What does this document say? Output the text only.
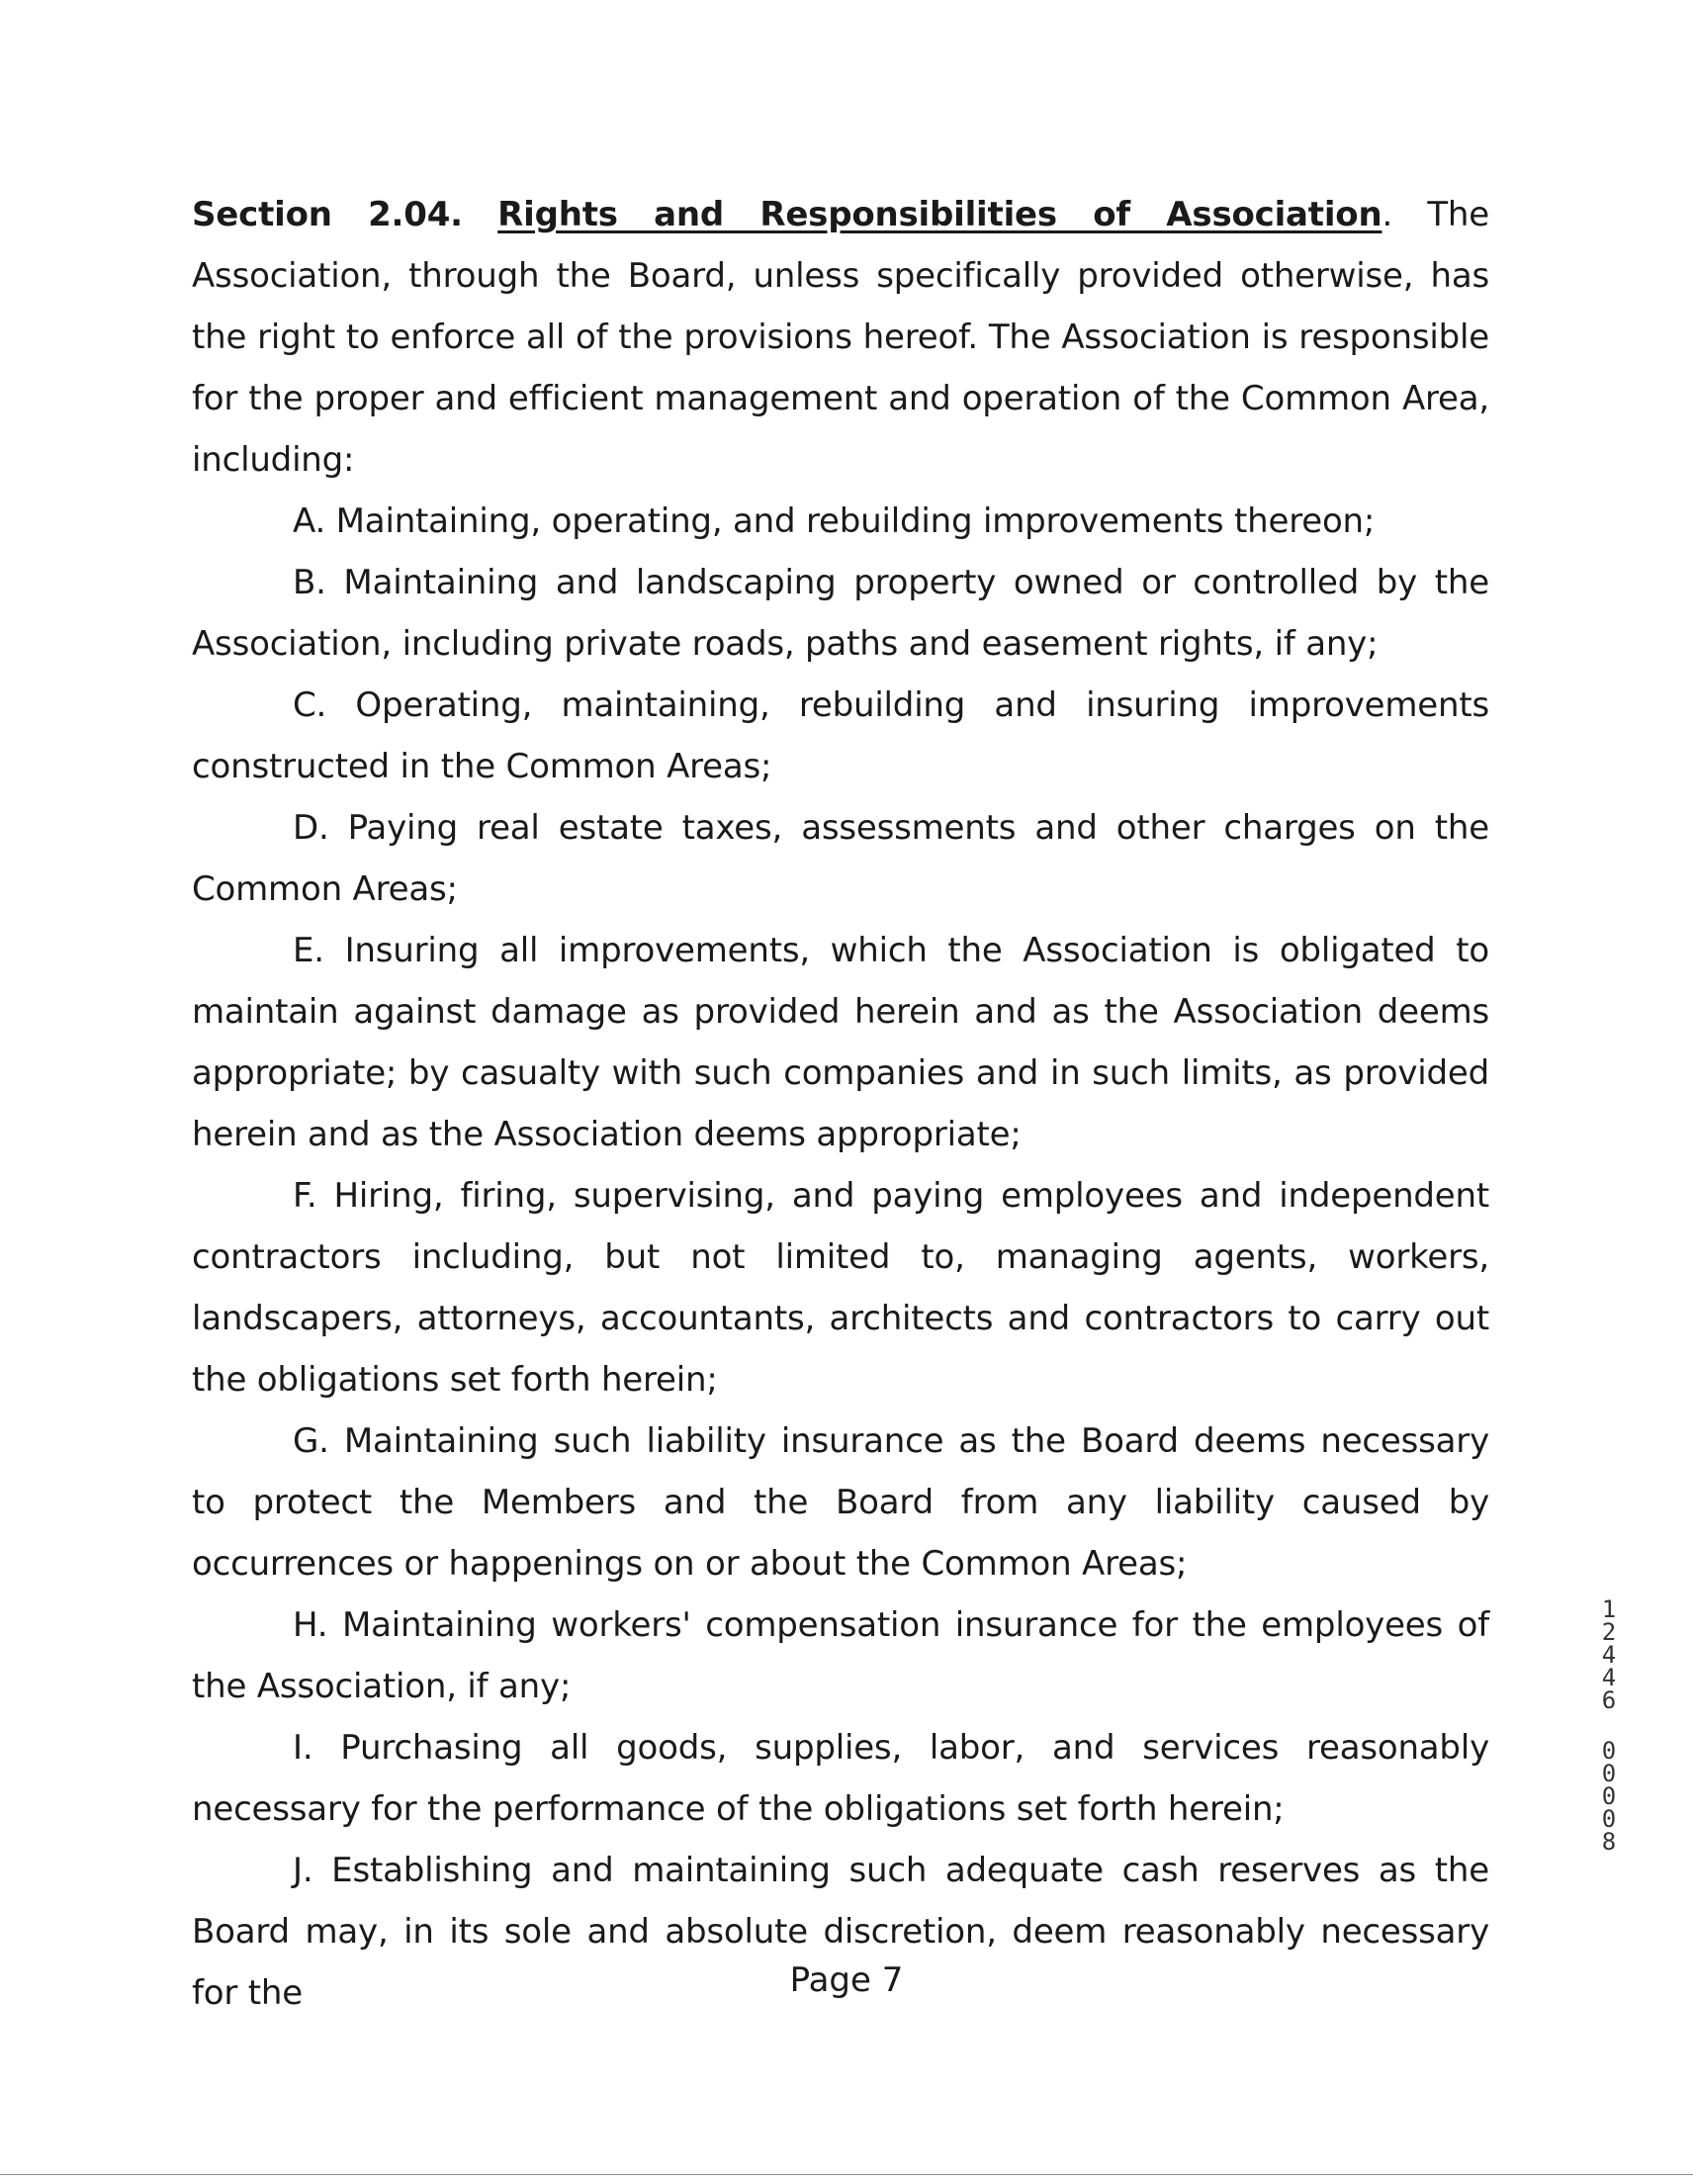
Section 2.04. Rights and Responsibilities of Association. The Association, through the Board, unless specifically provided otherwise, has the right to enforce all of the provisions hereof. The Association is responsible for the proper and efficient management and operation of the Common Area, including:

A. Maintaining, operating, and rebuilding improvements thereon;

B. Maintaining and landscaping property owned or controlled by the Association, including private roads, paths and easement rights, if any;

C. Operating, maintaining, rebuilding and insuring improvements constructed in the Common Areas;

D. Paying real estate taxes, assessments and other charges on the Common Areas;

E. Insuring all improvements, which the Association is obligated to maintain against damage as provided herein and as the Association deems appropriate; by casualty with such companies and in such limits, as provided herein and as the Association deems appropriate;

F. Hiring, firing, supervising, and paying employees and independent contractors including, but not limited to, managing agents, workers, landscapers, attorneys, accountants, architects and contractors to carry out the obligations set forth herein;

G. Maintaining such liability insurance as the Board deems necessary to protect the Members and the Board from any liability caused by occurrences or happenings on or about the Common Areas;

H. Maintaining workers' compensation insurance for the employees of the Association, if any;

I. Purchasing all goods, supplies, labor, and services reasonably necessary for the performance of the obligations set forth herein;

J. Establishing and maintaining such adequate cash reserves as the Board may, in its sole and absolute discretion, deem reasonably necessary for the	Page 7
1
2
4
4
6
0
0
0
0
8
